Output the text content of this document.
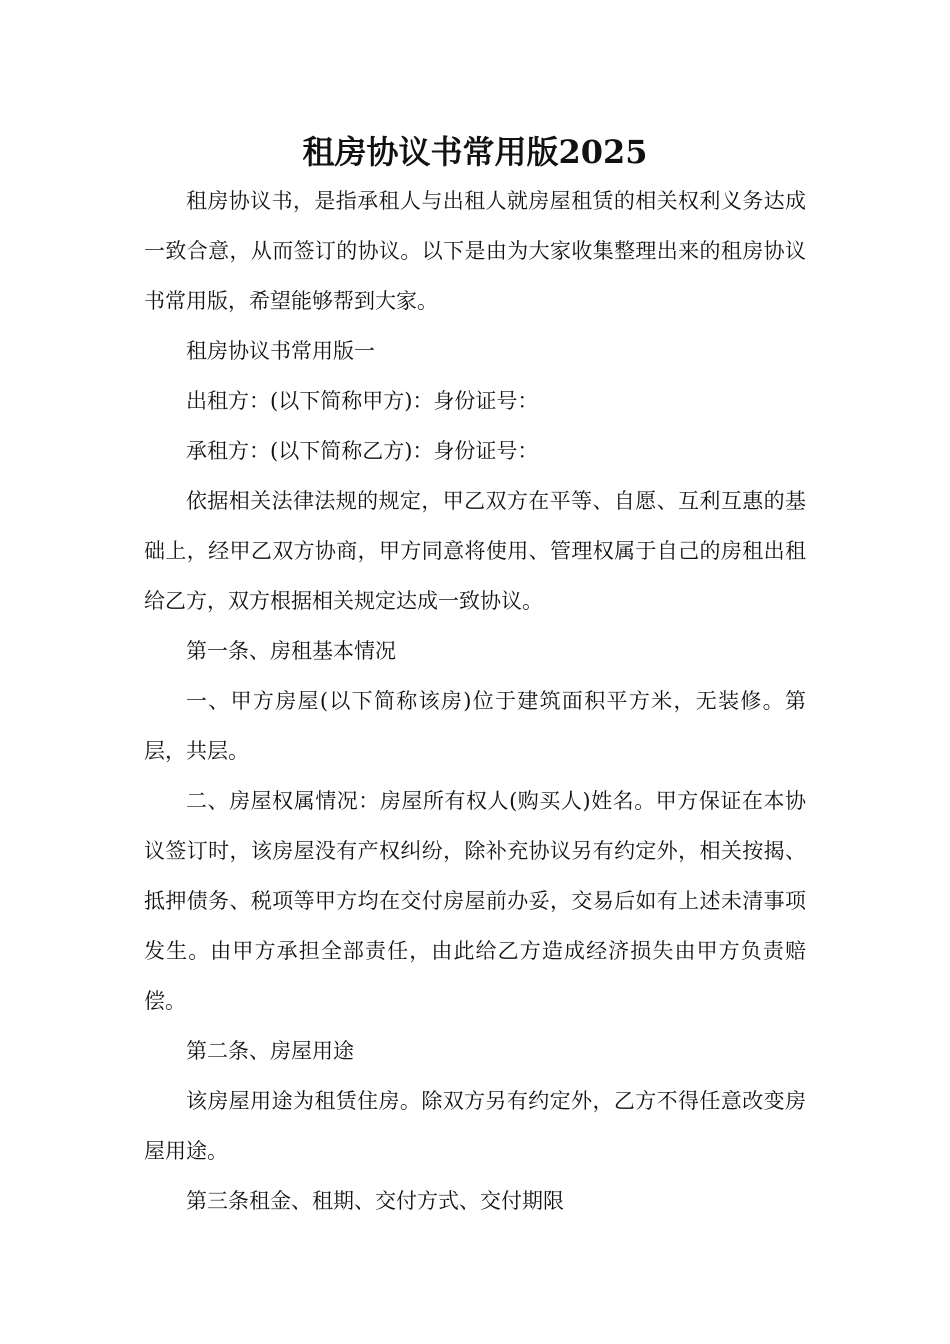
租房协议书常用版2025

租房协议书，是指承租人与出租人就房屋租赁的相关权利义务达成一致合意，从而签订的协议。以下是由为大家收集整理出来的租房协议书常用版，希望能够帮到大家。

租房协议书常用版一

出租方：(以下简称甲方)：身份证号：

承租方：(以下简称乙方)：身份证号：

依据相关法律法规的规定，甲乙双方在平等、自愿、互利互惠的基础上，经甲乙双方协商，甲方同意将使用、管理权属于自己的房租出租给乙方，双方根据相关规定达成一致协议。

第一条、房租基本情况

一、甲方房屋(以下简称该房)位于建筑面积平方米，无装修。第层，共层。

二、房屋权属情况：房屋所有权人(购买人)姓名。甲方保证在本协议签订时，该房屋没有产权纠纷，除补充协议另有约定外，相关按揭、抵押债务、税项等甲方均在交付房屋前办妥，交易后如有上述未清事项发生。由甲方承担全部责任，由此给乙方造成经济损失由甲方负责赔偿。

第二条、房屋用途

该房屋用途为租赁住房。除双方另有约定外，乙方不得任意改变房屋用途。

第三条租金、租期、交付方式、交付期限
